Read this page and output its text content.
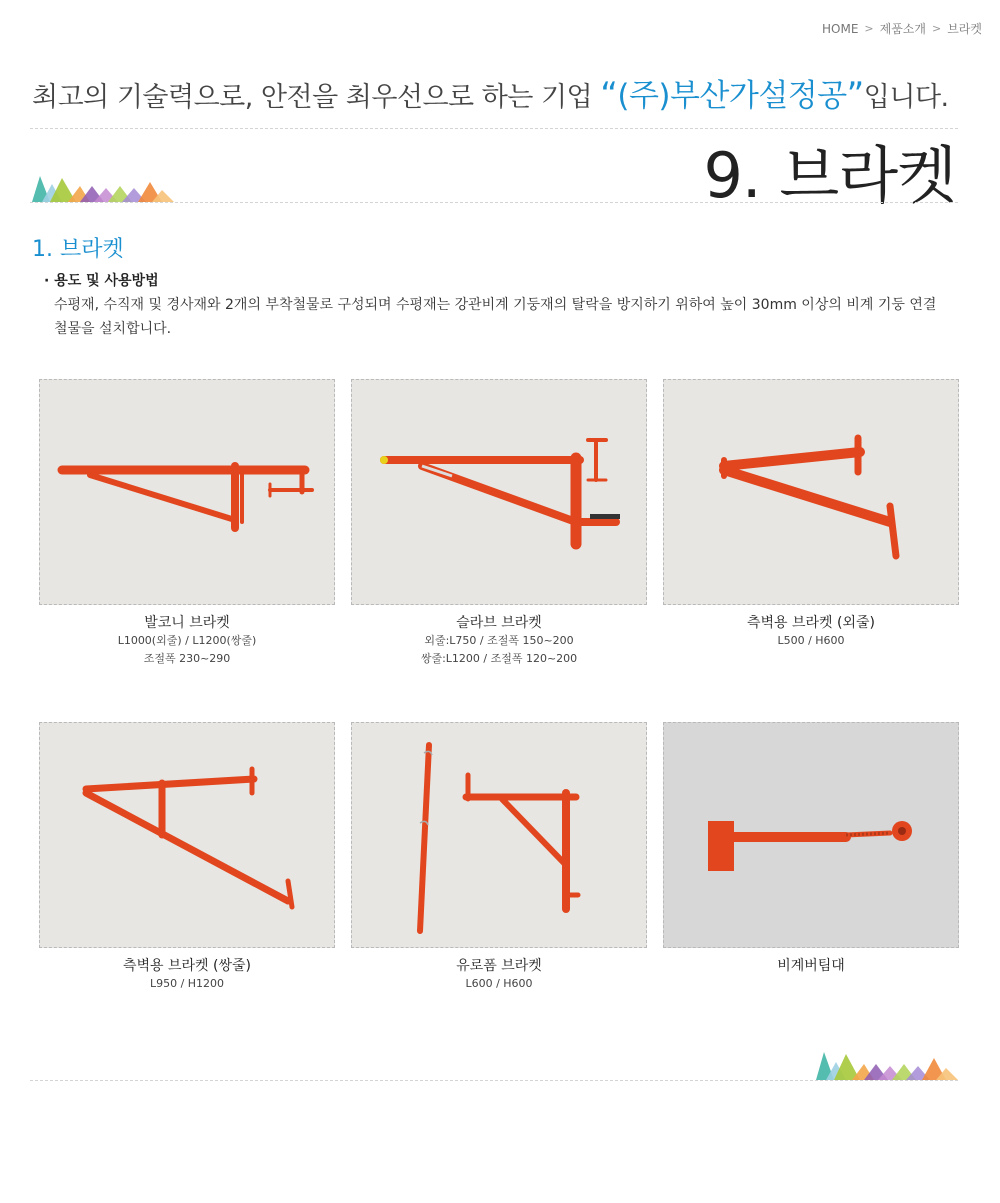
HOME > 제품소개 > 브라켓
최고의 기술력으로, 안전을 최우선으로 하는 기업 “(주)부산가설정공”입니다.
9. 브라켓
1. 브라켓
· 용도 및 사용방법

수평재, 수직재 및 경사재와 2개의 부착철물로 구성되며 수평재는 강관비계 기둥재의 탈락을 방지하기 위하여 높이 30mm 이상의 비계 기둥 연결 철물을 설치합니다.

발코니 브라켓
L1000(외줄) / L1200(쌍줄)
조절폭 230~290
슬라브 브라켓
외줄:L750 / 조절폭 150~200
쌍줄:L1200 / 조절폭 120~200
측벽용 브라켓 (외줄)
L500 / H600
측벽용 브라켓 (쌍줄)
L950 / H1200
유로폼 브라켓
L600 / H600
비계버팀대
